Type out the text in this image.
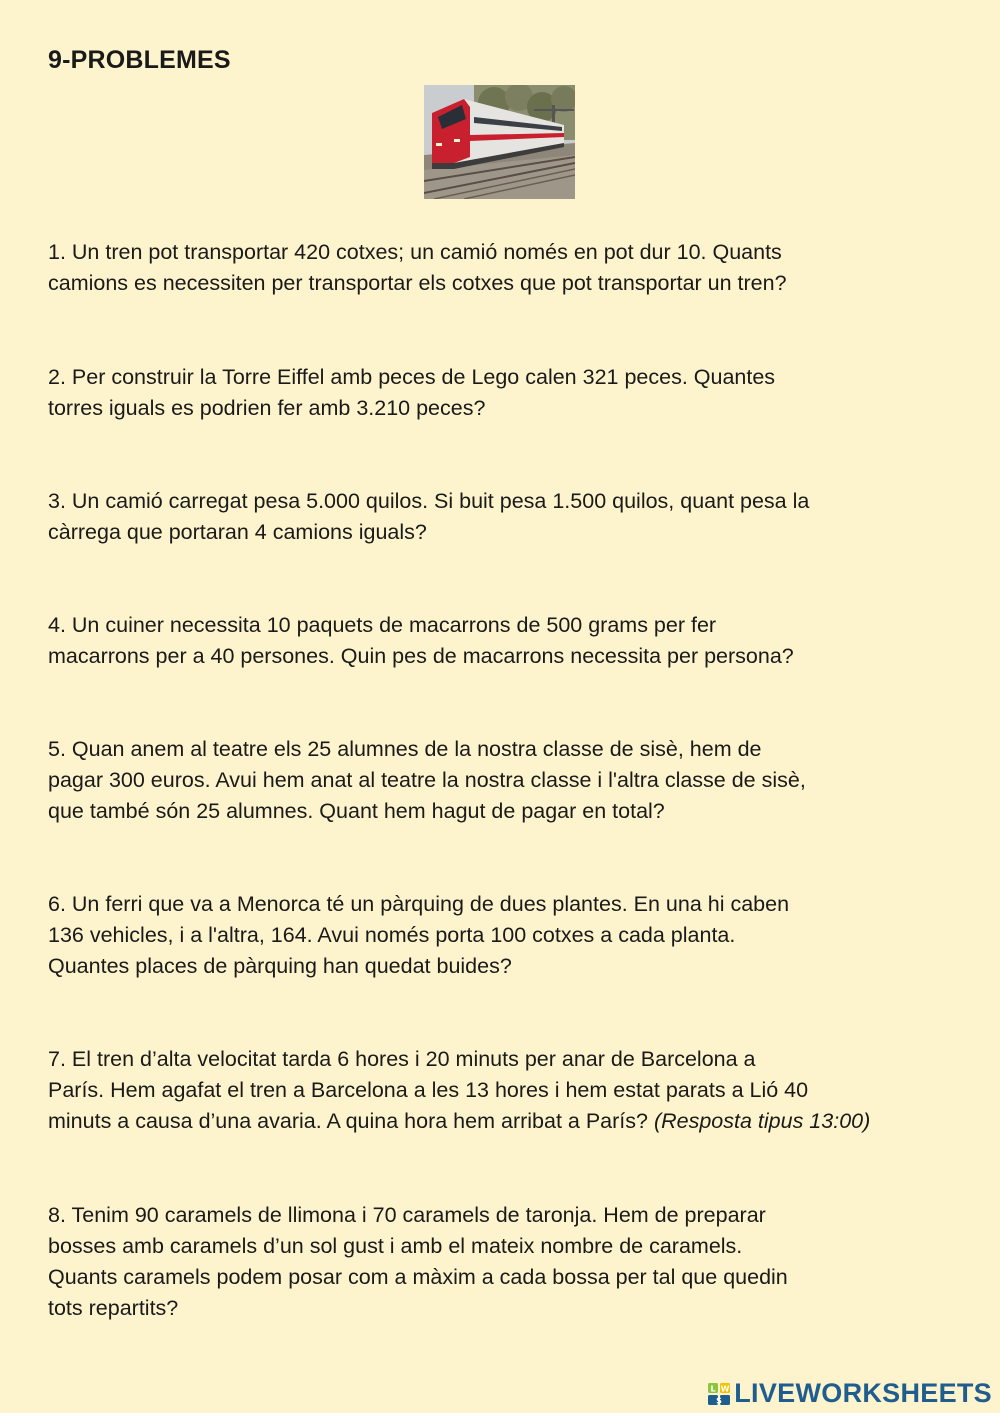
9-PROBLEMES

1. Un tren pot transportar 420 cotxes; un camió només en pot dur 10. Quants
camions es necessiten per transportar els cotxes que pot transportar un tren?

2. Per construir la Torre Eiffel amb peces de Lego calen 321 peces. Quantes
torres iguals es podrien fer amb 3.210 peces?

3. Un camió carregat pesa 5.000 quilos. Si buit pesa 1.500 quilos, quant pesa la
càrrega que portaran 4 camions iguals?

4. Un cuiner necessita 10 paquets de macarrons de 500 grams per fer
macarrons per a 40 persones. Quin pes de macarrons necessita per persona?

5. Quan anem al teatre els 25 alumnes de la nostra classe de sisè, hem de
pagar 300 euros. Avui hem anat al teatre la nostra classe i l'altra classe de sisè,
que també són 25 alumnes. Quant hem hagut de pagar en total?

6. Un ferri que va a Menorca té un pàrquing de dues plantes. En una hi caben
136 vehicles, i a l'altra, 164. Avui només porta 100 cotxes a cada planta.
Quantes places de pàrquing han quedat buides?

7. El tren d’alta velocitat tarda 6 hores i 20 minuts per anar de Barcelona a
París. Hem agafat el tren a Barcelona a les 13 hores i hem estat parats a Lió 40
minuts a causa d’una avaria. A quina hora hem arribat a París? (Resposta tipus 13:00)

8. Tenim 90 caramels de llimona i 70 caramels de taronja. Hem de preparar
bosses amb caramels d’un sol gust i amb el mateix nombre de caramels.
Quants caramels podem posar com a màxim a cada bossa per tal que quedin
tots repartits?

L W
S LIVEWORKSHEETS
